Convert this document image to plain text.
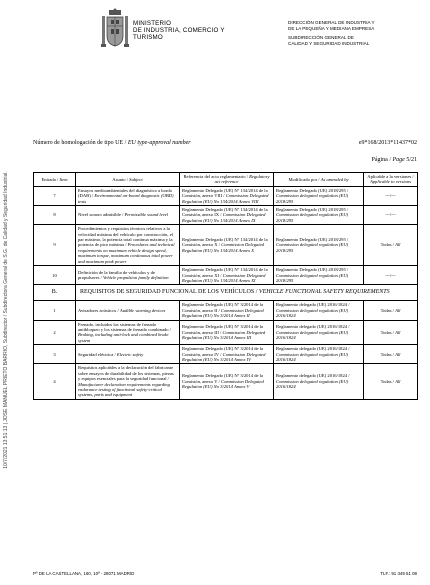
10/7/2021 13:51:13 | JOSE MANUEL PRIETO BARRIO, Subdirector / Subdirectora General de S.G. de Calidad y Seguridad Industrial.
MINISTERIO
DE INDUSTRIA, COMERCIO Y
TURISMO
DIRECCIÓN GENERAL DE INDUSTRIA Y
DE LA PEQUEÑA Y MEDIANA EMPRESA
SUBDIRECCIÓN GENERAL DE
CALIDAD Y SEGURIDAD INDUSTRIAL
Número de homologación de tipo UE / EU type-approval number	e9*168/2013*11437*02
Página / Page 5/21
Entrada / Item	Asunto / Subject	Referencia del acto reglamentario / Regulatory act reference	Modificado por / As amended by	Aplicable a la versiones / Applicable to versions
7	Ensayos medioambientales del diagnóstico a bordo (DAB) / Environmental on-board diagnostic (OBD) tests	Reglamento Delegado (UE) Nº 134/2014 de la Comisión, anexo VIII / Commission Delegated Regulation (EU) No 134/2014 Annex VIII	Reglamento Delegado (UE) 2018/295 / Commission delegated regulation (EU) 2018/295	---/---
8	Nivel sonoro admisible / Permissible sound level	Reglamento Delegado (UE) Nº 134/2014 de la Comisión, anexo IX / Commission Delegated Regulation (EU) No 134/2014 Annex IX	Reglamento Delegado (UE) 2018/295 / Commission delegated regulation (EU) 2018/295	---/---
9	Procedimientos y requisitos técnicos relativos a la velocidad máxima del vehículo por construcción, el par máximo, la potencia total continua máxima y la potencia de pico máxima / Procedures and technical requirements on maximum vehicle design speed, maximum torque, maximum continuous total power and maximum peak power	Reglamento Delegado (UE) Nº 134/2014 de la Comisión, anexo X / Commission Delegated Regulation (EU) No 134/2014 Annex X	Reglamento Delegado (UE) 2018/295 / Commission delegated regulation (EU) 2018/295	Todas / All
10	Definición de la familia de vehículos y de propulsores / Vehicle propulsion family definition	Reglamento Delegado (UE) Nº 134/2014 de la Comisión, anexo XI / Commission Delegated Regulation (EU) No 134/2014 Annex XI	Reglamento Delegado (UE) 2018/295 / Commission delegated regulation (EU) 2018/295	---/---
B.	REQUISITOS DE SEGURIDAD FUNCIONAL DE LOS VEHÍCULOS / VEHICLE FUNCTIONAL SAFETY REQUIREMENTS			
1	Avisadores acústicos / Audible warning devices	Reglamento Delegado (UE) Nº 3/2014 de la Comisión, anexo II / Commission Delegated Regulation (EU) No 3/2014 Annex II	Reglamento delegado (UE) 2016/1824 / Commission delegated regulation (EU) 2016/1824	Todas / All
2	Frenado, incluidos los sistemas de frenado antibloqueo y los sistemas de frenado combinado / Braking, including anti-lock and combined brake system	Reglamento Delegado (UE) Nº 3/2014 de la Comisión, anexo III / Commission Delegated Regulation (EU) No 3/2014 Annex III	Reglamento delegado (UE) 2016/1824 / Commission delegated regulation (EU) 2016/1824	Todas / All
3	Seguridad eléctrica / Electric safety	Reglamento Delegado (UE) Nº 3/2014 de la Comisión, anexo IV / Commission Delegated Regulation (EU) No 3/2014 Annex IV	Reglamento delegado (UE) 2016/1824 / Commission delegated regulation (EU) 2016/1824	Todas / All
4	Requisitos aplicables a la declaración del fabricante sobre ensayos de durabilidad de los sistemas, piezas y equipos esenciales para la seguridad funcional / Manufacturer declaration requirements regarding endurance testing of functional safety-critical systems, parts and equipment	Reglamento Delegado (UE) Nº 3/2014 de la Comisión, anexo V / Commission Delegated Regulation (EU) No 3/2014 Annex V	Reglamento delegado (UE) 2016/1824 / Commission delegated regulation (EU) 2016/1824	Todas / All
Pº DE LA CASTELLANA, 160, 10ª - 28071 MADRID	TLF.: 91 349 51 08
